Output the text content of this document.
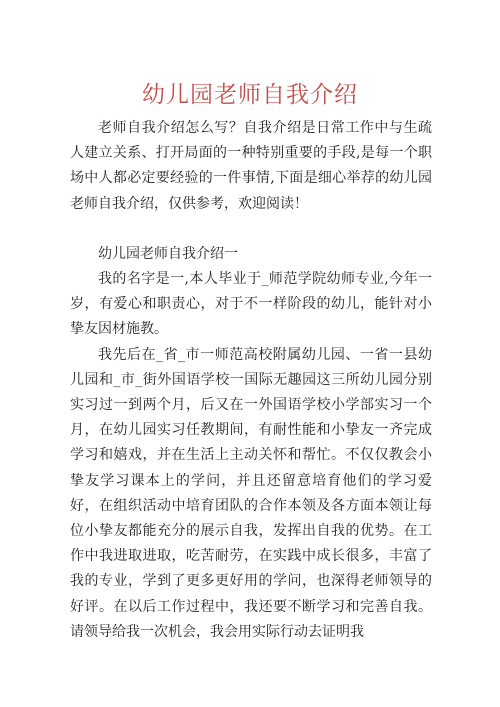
幼儿园老师自我介绍

老师自我介绍怎么写？自我介绍是日常工作中与生疏人建立关系、打开局面的一种特别重要的手段,是每一个职场中人都必定要经验的一件事情,下面是细心举荐的幼儿园老师自我介绍，仅供参考，欢迎阅读！

幼儿园老师自我介绍一

我的名字是一,本人毕业于_师范学院幼师专业,今年一岁，有爱心和职责心，对于不一样阶段的幼儿，能针对小挚友因材施教。

我先后在_省_市一师范高校附属幼儿园、一省一县幼儿园和_市_街外国语学校一国际无趣园这三所幼儿园分别实习过一到两个月，后又在一外国语学校小学部实习一个月，在幼儿园实习任教期间，有耐性能和小挚友一齐完成学习和嬉戏，并在生活上主动关怀和帮忙。不仅仅教会小挚友学习课本上的学问，并且还留意培育他们的学习爱好，在组织活动中培育团队的合作本领及各方面本领让每位小挚友都能充分的展示自我，发挥出自我的优势。在工作中我进取进取，吃苦耐劳，在实践中成长很多，丰富了我的专业，学到了更多更好用的学问，也深得老师领导的好评。在以后工作过程中，我还要不断学习和完善自我。请领导给我一次机会，我会用实际行动去证明我
